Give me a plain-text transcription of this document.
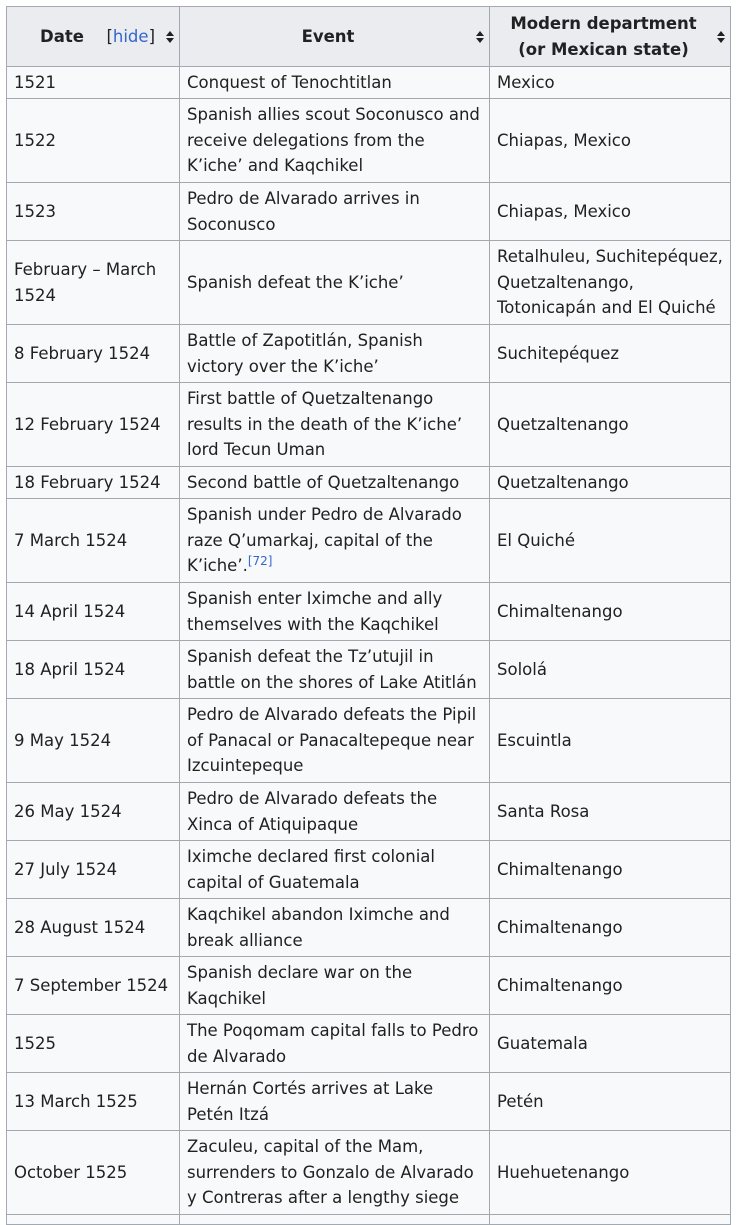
Date [hide]	Event	Modern department (or Mexican state)

1521	Conquest of Tenochtitlan	Mexico
1522	Spanish allies scout Soconusco and receive delegations from the K’iche’ and Kaqchikel	Chiapas, Mexico
1523	Pedro de Alvarado arrives in Soconusco	Chiapas, Mexico
February – March 1524	Spanish defeat the K’iche’	Retalhuleu, Suchitepéquez, Quetzaltenango, Totonicapán and El Quiché
8 February 1524	Battle of Zapotitlán, Spanish victory over the K’iche’	Suchitepéquez
12 February 1524	First battle of Quetzaltenango results in the death of the K’iche’ lord Tecun Uman	Quetzaltenango
18 February 1524	Second battle of Quetzaltenango	Quetzaltenango
7 March 1524	Spanish under Pedro de Alvarado raze Q’umarkaj, capital of the K’iche’.[72]	El Quiché
14 April 1524	Spanish enter Iximche and ally themselves with the Kaqchikel	Chimaltenango
18 April 1524	Spanish defeat the Tz’utujil in battle on the shores of Lake Atitlán	Sololá
9 May 1524	Pedro de Alvarado defeats the Pipil of Panacal or Panacaltepeque near Izcuintepeque	Escuintla
26 May 1524	Pedro de Alvarado defeats the Xinca of Atiquipaque	Santa Rosa
27 July 1524	Iximche declared first colonial capital of Guatemala	Chimaltenango
28 August 1524	Kaqchikel abandon Iximche and break alliance	Chimaltenango
7 September 1524	Spanish declare war on the Kaqchikel	Chimaltenango
1525	The Poqomam capital falls to Pedro de Alvarado	Guatemala
13 March 1525	Hernán Cortés arrives at Lake Petén Itzá	Petén
October 1525	Zaculeu, capital of the Mam, surrenders to Gonzalo de Alvarado y Contreras after a lengthy siege	Huehuetenango
